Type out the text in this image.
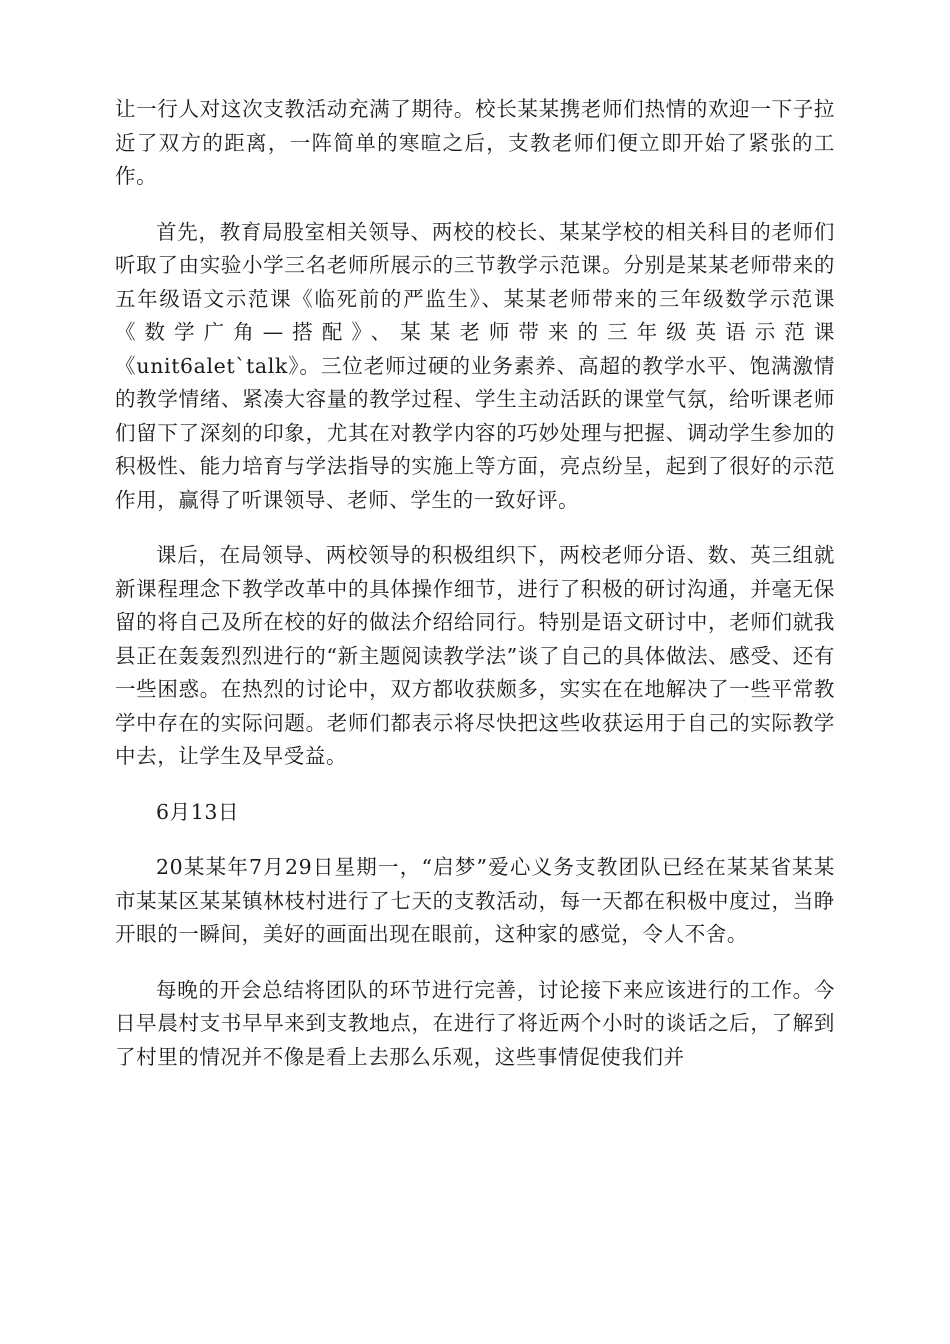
让一行人对这次支教活动充满了期待。校长某某携老师们热情的欢迎一下子拉近了双方的距离，一阵简单的寒暄之后，支教老师们便立即开始了紧张的工作。

首先，教育局股室相关领导、两校的校长、某某学校的相关科目的老师们听取了由实验小学三名老师所展示的三节教学示范课。分别是某某老师带来的五年级语文示范课《临死前的严监生》、某某老师带来的三年级数学示范课《数学广角—搭配》、某某老师带来的三年级英语示范课《unit6alet`talk》。三位老师过硬的业务素养、高超的教学水平、饱满激情的教学情绪、紧凑大容量的教学过程、学生主动活跃的课堂气氛，给听课老师们留下了深刻的印象，尤其在对教学内容的巧妙处理与把握、调动学生参加的积极性、能力培育与学法指导的实施上等方面，亮点纷呈，起到了很好的示范作用，赢得了听课领导、老师、学生的一致好评。

课后，在局领导、两校领导的积极组织下，两校老师分语、数、英三组就新课程理念下教学改革中的具体操作细节，进行了积极的研讨沟通，并毫无保留的将自己及所在校的好的做法介绍给同行。特别是语文研讨中，老师们就我县正在轰轰烈烈进行的“新主题阅读教学法”谈了自己的具体做法、感受、还有一些困惑。在热烈的讨论中，双方都收获颇多，实实在在地解决了一些平常教学中存在的实际问题。老师们都表示将尽快把这些收获运用于自己的实际教学中去，让学生及早受益。

6月13日

20某某年7月29日星期一，“启梦”爱心义务支教团队已经在某某省某某市某某区某某镇林枝村进行了七天的支教活动，每一天都在积极中度过，当睁开眼的一瞬间，美好的画面出现在眼前，这种家的感觉，令人不舍。

每晚的开会总结将团队的环节进行完善，讨论接下来应该进行的工作。今日早晨村支书早早来到支教地点，在进行了将近两个小时的谈话之后，了解到了村里的情况并不像是看上去那么乐观，这些事情促使我们并
